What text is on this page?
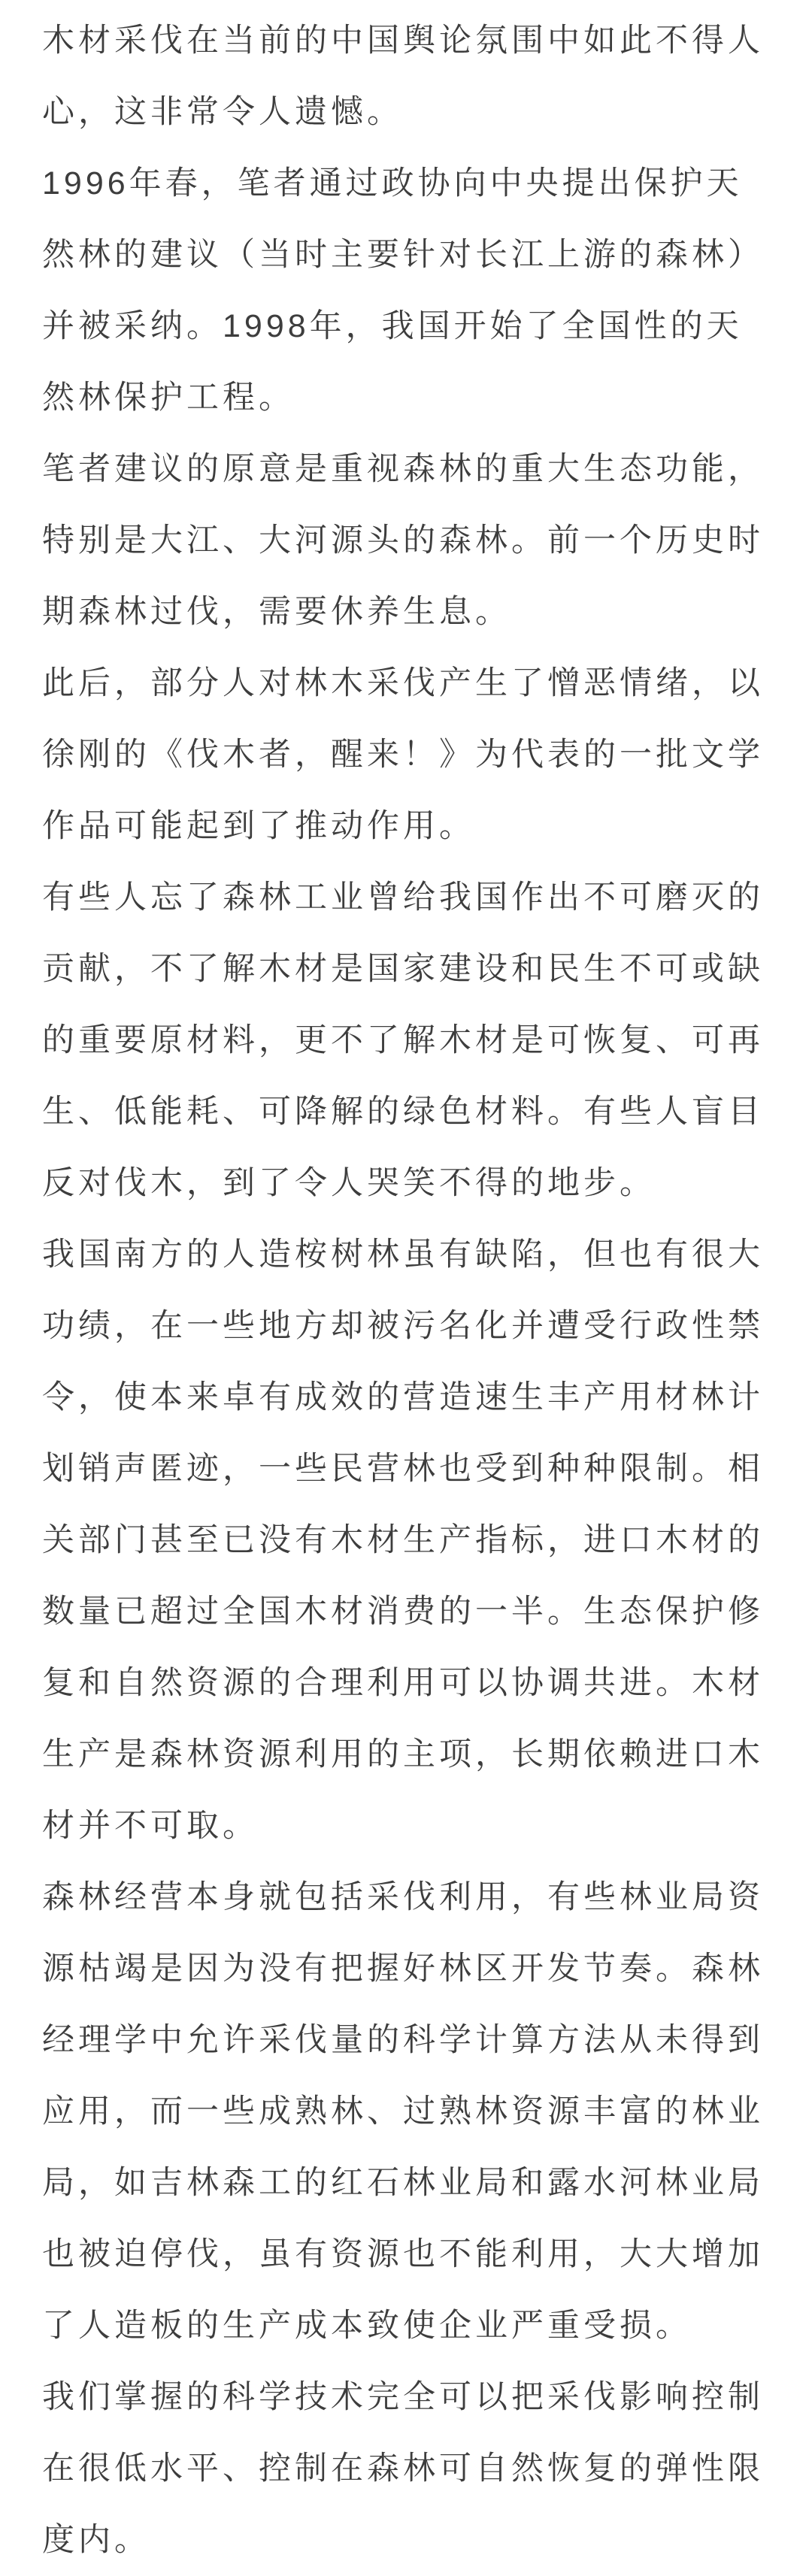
木材采伐在当前的中国舆论氛围中如此不得人心，这非常令人遗憾。

1996年春，笔者通过政协向中央提出保护天然林的建议（当时主要针对长江上游的森林）并被采纳。1998年，我国开始了全国性的天然林保护工程。

笔者建议的原意是重视森林的重大生态功能，特别是大江、大河源头的森林。前一个历史时期森林过伐，需要休养生息。

此后，部分人对林木采伐产生了憎恶情绪，以徐刚的《伐木者，醒来！》为代表的一批文学作品可能起到了推动作用。

有些人忘了森林工业曾给我国作出不可磨灭的贡献，不了解木材是国家建设和民生不可或缺的重要原材料，更不了解木材是可恢复、可再生、低能耗、可降解的绿色材料。有些人盲目反对伐木，到了令人哭笑不得的地步。

我国南方的人造桉树林虽有缺陷，但也有很大功绩，在一些地方却被污名化并遭受行政性禁令，使本来卓有成效的营造速生丰产用材林计划销声匿迹，一些民营林也受到种种限制。相关部门甚至已没有木材生产指标，进口木材的数量已超过全国木材消费的一半。生态保护修复和自然资源的合理利用可以协调共进。木材生产是森林资源利用的主项，长期依赖进口木材并不可取。

森林经营本身就包括采伐利用，有些林业局资源枯竭是因为没有把握好林区开发节奏。森林经理学中允许采伐量的科学计算方法从未得到应用，而一些成熟林、过熟林资源丰富的林业局，如吉林森工的红石林业局和露水河林业局也被迫停伐，虽有资源也不能利用，大大增加了人造板的生产成本致使企业严重受损。

我们掌握的科学技术完全可以把采伐影响控制在很低水平、控制在森林可自然恢复的弹性限度内。
